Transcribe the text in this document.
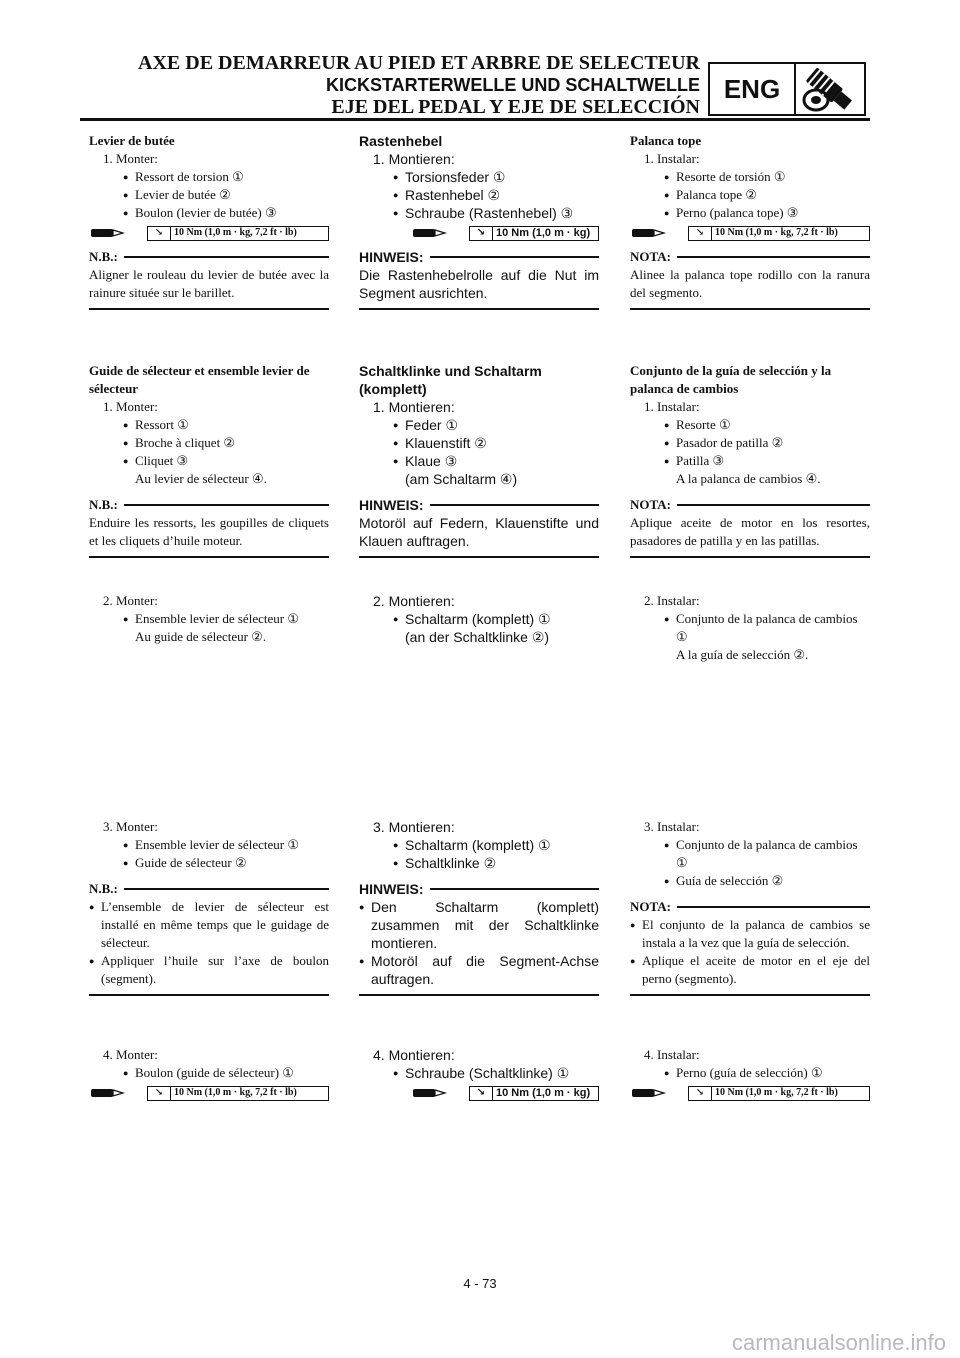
AXE DE DEMARREUR AU PIED ET ARBRE DE SELECTEUR
KICKSTARTERWELLE UND SCHALTWELLE
EJE DEL PEDAL Y EJE DE SELECCIÓN
ENG
Levier de butée
1. Monter:
● Ressort de torsion ①
● Levier de butée ②
● Boulon (levier de butée) ③
↘	10 Nm (1,0 m · kg, 7,2 ft · lb)
N.B.:
Aligner le rouleau du levier de butée avec la rainure située sur le barillet.
Guide de sélecteur et ensemble levier de sélecteur
1. Monter:
● Ressort ①
● Broche à cliquet ②
● Cliquet ③
Au levier de sélecteur ④.
N.B.:
Enduire les ressorts, les goupilles de cliquets et les cliquets d’huile moteur.
2. Monter:
● Ensemble levier de sélecteur ①
Au guide de sélecteur ②.
3. Monter:
● Ensemble levier de sélecteur ①
● Guide de sélecteur ②
N.B.:
● L’ensemble de levier de sélecteur est installé en même temps que le guidage de sélecteur.
● Appliquer l’huile sur l’axe de boulon (segment).
4. Monter:
● Boulon (guide de sélecteur) ①
↘	10 Nm (1,0 m · kg, 7,2 ft · lb)
Rastenhebel
1. Montieren:
● Torsionsfeder ①
● Rastenhebel ②
● Schraube (Rastenhebel) ③
↘ 10 Nm (1,0 m · kg)
HINWEIS:
Die Rastenhebelrolle auf die Nut im Segment ausrichten.
Schaltklinke und Schaltarm (komplett)
1. Montieren:
● Feder ①
● Klauenstift ②
● Klaue ③
(am Schaltarm ④)
HINWEIS:
Motoröl auf Federn, Klauenstifte und Klauen auftragen.
2. Montieren:
● Schaltarm (komplett) ①
(an der Schaltklinke ②)
3. Montieren:
● Schaltarm (komplett) ①
● Schaltklinke ②
HINWEIS:
● Den Schaltarm (komplett) zusammen mit der Schaltklinke montieren.
● Motoröl auf die Segment-Achse auftragen.
4. Montieren:
● Schraube (Schaltklinke) ①
↘ 10 Nm (1,0 m · kg)
Palanca tope
1. Instalar:
● Resorte de torsión ①
● Palanca tope ②
● Perno (palanca tope) ③
↘	10 Nm (1,0 m · kg, 7,2 ft · lb)
NOTA:
Alinee la palanca tope rodillo con la ranura del segmento.
Conjunto de la guía de selección y la palanca de cambios
1. Instalar:
● Resorte ①
● Pasador de patilla ②
● Patilla ③
A la palanca de cambios ④.
NOTA:
Aplique aceite de motor en los resortes, pasadores de patilla y en las patillas.
2. Instalar:
● Conjunto de la palanca de cambios ①
A la guía de selección ②.
3. Instalar:
● Conjunto de la palanca de cambios ①
● Guía de selección ②
NOTA:
● El conjunto de la palanca de cambios se instala a la vez que la guía de selección.
● Aplique el aceite de motor en el eje del perno (segmento).
4. Instalar:
● Perno (guía de selección) ①
↘	10 Nm (1,0 m · kg, 7,2 ft · lb)
4 - 73
carmanualsonline.info
